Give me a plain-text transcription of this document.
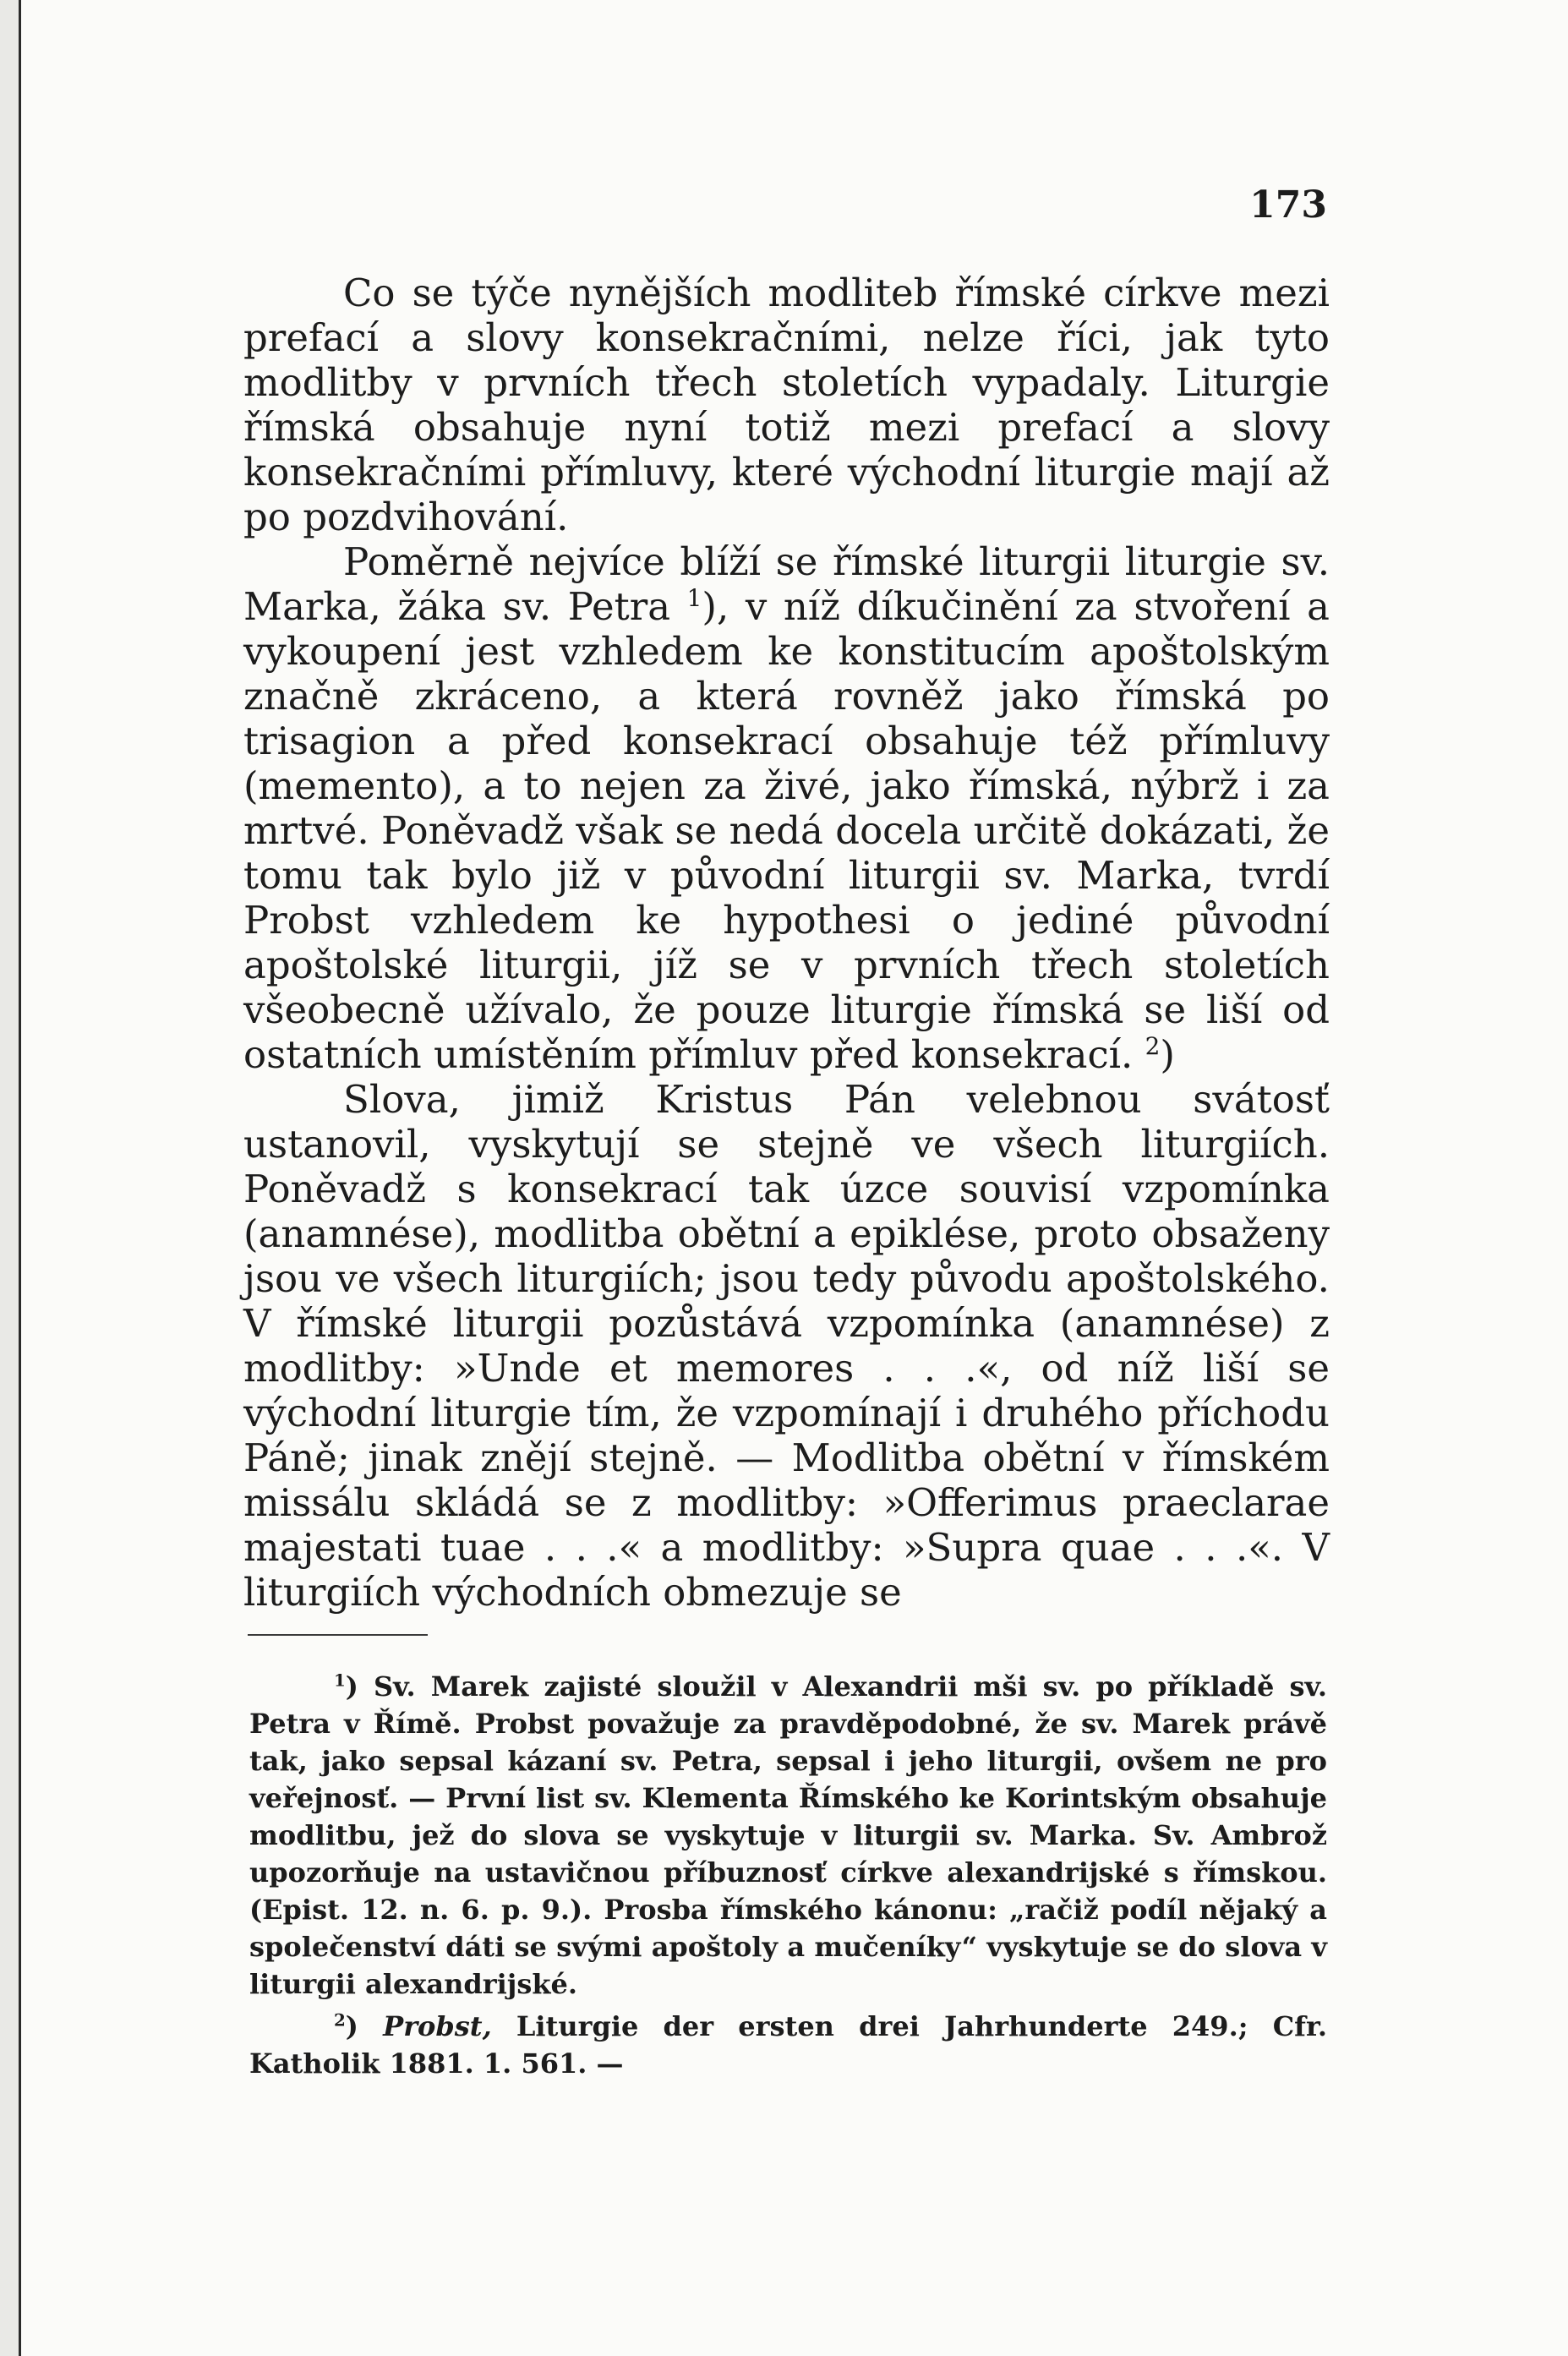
173

Co se týče nynějších modliteb římské církve mezi prefací a slovy konsekračními, nelze říci, jak tyto modlitby v prvních třech stoletích vypadaly. Liturgie římská obsahuje nyní totiž mezi prefací a slovy konsekračními přímluvy, které východní liturgie mají až po pozdvihování.

Poměrně nejvíce blíží se římské liturgii liturgie sv. Marka, žáka sv. Petra $^1$), v níž díkučinění za stvoření a vykoupení jest vzhledem ke konstitucím apoštolským značně zkráceno, a která rovněž jako římská po trisagion a před konsekrací obsahuje též přímluvy (memento), a to nejen za živé, jako římská, nýbrž i za mrtvé. Poněvadž však se nedá docela určitě dokázati, že tomu tak bylo již v původní liturgii sv. Marka, tvrdí Probst vzhledem ke hypothesi o jediné původní apoštolské liturgii, jíž se v prvních třech stoletích všeobecně užívalo, že pouze liturgie římská se liší od ostatních umístěním přímluv před konsekrací. $^2$)

Slova, jimiž Kristus Pán velebnou svátosť ustanovil, vyskytují se stejně ve všech liturgiích. Poněvadž s konsekrací tak úzce souvisí vzpomínka (anamnése), modlitba obětní a epiklése, proto obsaženy jsou ve všech liturgiích; jsou tedy původu apoštolského. V římské liturgii pozůstává vzpomínka (anamnése) z modlitby: »Unde et memores . . .«, od níž liší se východní liturgie tím, že vzpomínají i druhého příchodu Páně; jinak znějí stejně. — Modlitba obětní v římském missálu skládá se z modlitby: »Offerimus praeclarae majestati tuae . . .« a modlitby: »Supra quae . . .«. V liturgiích východních obmezuje se

$^1$) Sv. Marek zajisté sloužil v Alexandrii mši sv. po příkladě sv. Petra v Římě. Probst považuje za pravděpodobné, že sv. Marek právě tak, jako sepsal kázaní sv. Petra, sepsal i jeho liturgii, ovšem ne pro veřejnosť. — První list sv. Klementa Římského ke Korintským obsahuje modlitbu, jež do slova se vyskytuje v liturgii sv. Marka. Sv. Ambrož upozorňuje na ustavičnou příbuznosť církve alexandrijské s římskou. (Epist. 12. n. 6. p. 9.). Prosba římského kánonu: „račiž podíl nějaký a společenství dáti se svými apoštoly a mučeníky“ vyskytuje se do slova v liturgii alexandrijské.

$^2$) Probst, Liturgie der ersten drei Jahrhunderte 249.; Cfr. Katholik 1881. 1. 561. —
